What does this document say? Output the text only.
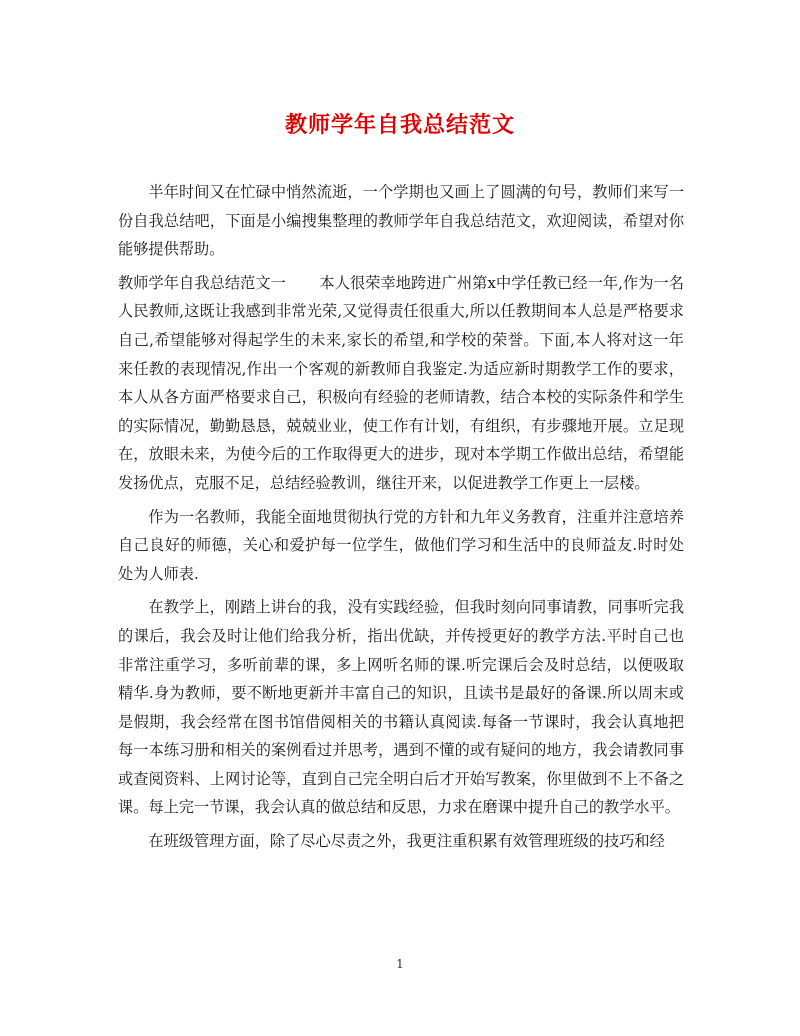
教师学年自我总结范文

半年时间又在忙碌中悄然流逝，一个学期也又画上了圆满的句号，教师们来写一份自我总结吧，下面是小编搜集整理的教师学年自我总结范文，欢迎阅读，希望对你能够提供帮助。

教师学年自我总结范文一 本人很荣幸地跨进广州第x中学任教已经一年,作为一名人民教师,这既让我感到非常光荣,又觉得责任很重大,所以任教期间本人总是严格要求自己,希望能够对得起学生的未来,家长的希望,和学校的荣誉。下面,本人将对这一年来任教的表现情况,作出一个客观的新教师自我鉴定.为适应新时期教学工作的要求，本人从各方面严格要求自己，积极向有经验的老师请教，结合本校的实际条件和学生的实际情况，勤勤恳恳，兢兢业业，使工作有计划，有组织，有步骤地开展。立足现在，放眼未来，为使今后的工作取得更大的进步，现对本学期工作做出总结，希望能发扬优点，克服不足，总结经验教训，继往开来，以促进教学工作更上一层楼。

作为一名教师，我能全面地贯彻执行党的方针和九年义务教育，注重并注意培养自己良好的师德，关心和爱护每一位学生，做他们学习和生活中的良师益友.时时处处为人师表.

在教学上，刚踏上讲台的我，没有实践经验，但我时刻向同事请教，同事听完我的课后，我会及时让他们给我分析，指出优缺，并传授更好的教学方法.平时自己也非常注重学习，多听前辈的课，多上网听名师的课.听完课后会及时总结，以便吸取精华.身为教师，要不断地更新并丰富自己的知识，且读书是最好的备课.所以周末或是假期，我会经常在图书馆借阅相关的书籍认真阅读.每备一节课时，我会认真地把每一本练习册和相关的案例看过并思考，遇到不懂的或有疑问的地方，我会请教同事或查阅资料、上网讨论等，直到自己完全明白后才开始写教案，你里做到不上不备之课。每上完一节课，我会认真的做总结和反思，力求在磨课中提升自己的教学水平。

在班级管理方面，除了尽心尽责之外，我更注重积累有效管理班级的技巧和经

1
